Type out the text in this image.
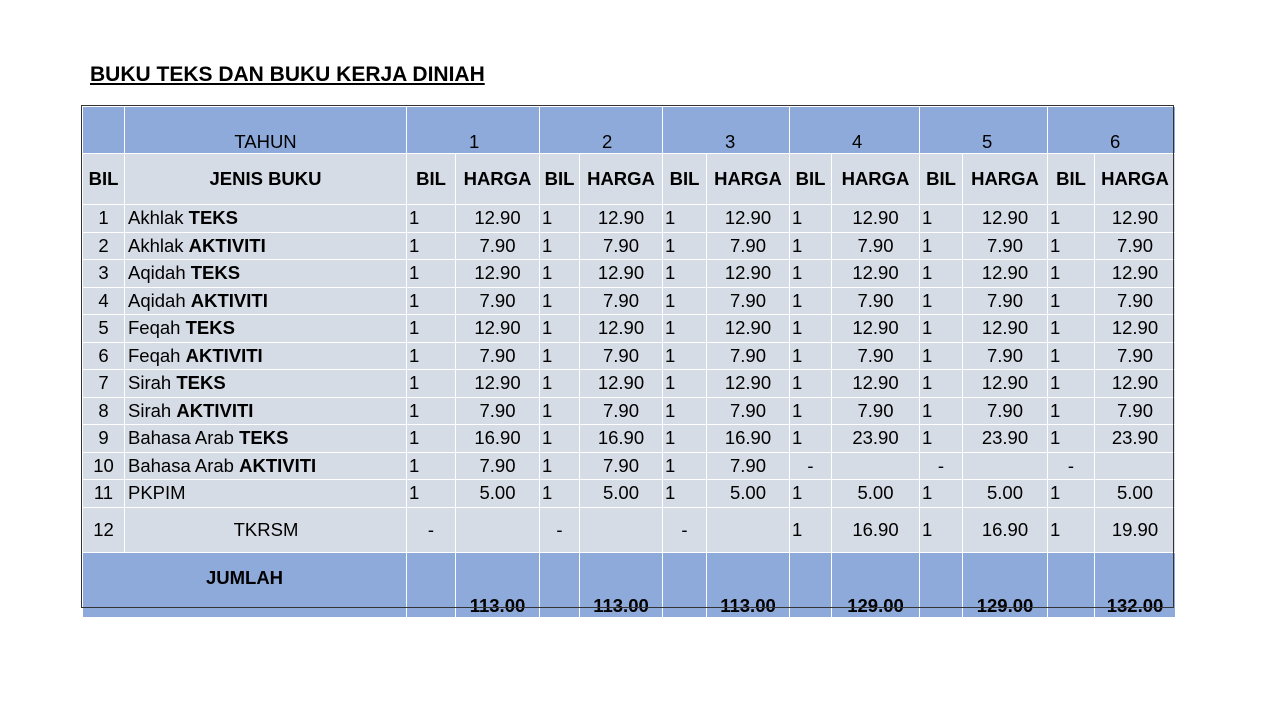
BUKU TEKS DAN BUKU KERJA DINIAH
	TAHUN	1		2		3		4		5		6	
BIL	JENIS BUKU	BIL	HARGA	BIL	HARGA	BIL	HARGA	BIL	HARGA	BIL	HARGA	BIL	HARGA
1	Akhlak TEKS	1	12.90	1	12.90	1	12.90	1	12.90	1	12.90	1	12.90
2	Akhlak AKTIVITI	1	7.90	1	7.90	1	7.90	1	7.90	1	7.90	1	7.90
3	Aqidah TEKS	1	12.90	1	12.90	1	12.90	1	12.90	1	12.90	1	12.90
4	Aqidah AKTIVITI	1	7.90	1	7.90	1	7.90	1	7.90	1	7.90	1	7.90
5	Feqah TEKS	1	12.90	1	12.90	1	12.90	1	12.90	1	12.90	1	12.90
6	Feqah AKTIVITI	1	7.90	1	7.90	1	7.90	1	7.90	1	7.90	1	7.90
7	Sirah TEKS	1	12.90	1	12.90	1	12.90	1	12.90	1	12.90	1	12.90
8	Sirah AKTIVITI	1	7.90	1	7.90	1	7.90	1	7.90	1	7.90	1	7.90
9	Bahasa Arab TEKS	1	16.90	1	16.90	1	16.90	1	23.90	1	23.90	1	23.90
10	Bahasa Arab AKTIVITI	1	7.90	1	7.90	1	7.90	-		-		-	
11	PKPIM	1	5.00	1	5.00	1	5.00	1	5.00	1	5.00	1	5.00
12	TKRSM	-		-		-		1	16.90	1	16.90	1	19.90
JUMLAH			113.00		113.00		113.00		129.00		129.00		132.00
